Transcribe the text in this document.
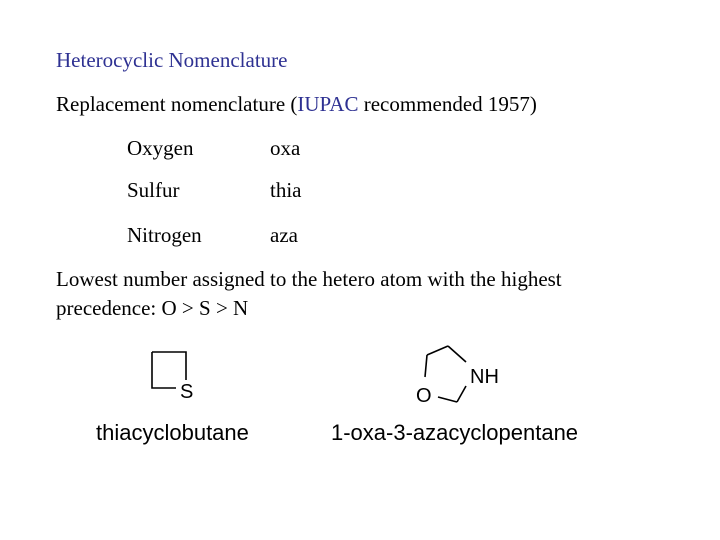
Heterocyclic Nomenclature
Replacement nomenclature (IUPAC recommended 1957)
Oxygen	oxa
Sulfur	thia
Nitrogen	aza
Lowest number assigned to the hetero atom with the highest precedence: O > S > N
S
NH
O
thiacyclobutane	1-oxa-3-azacyclopentane
